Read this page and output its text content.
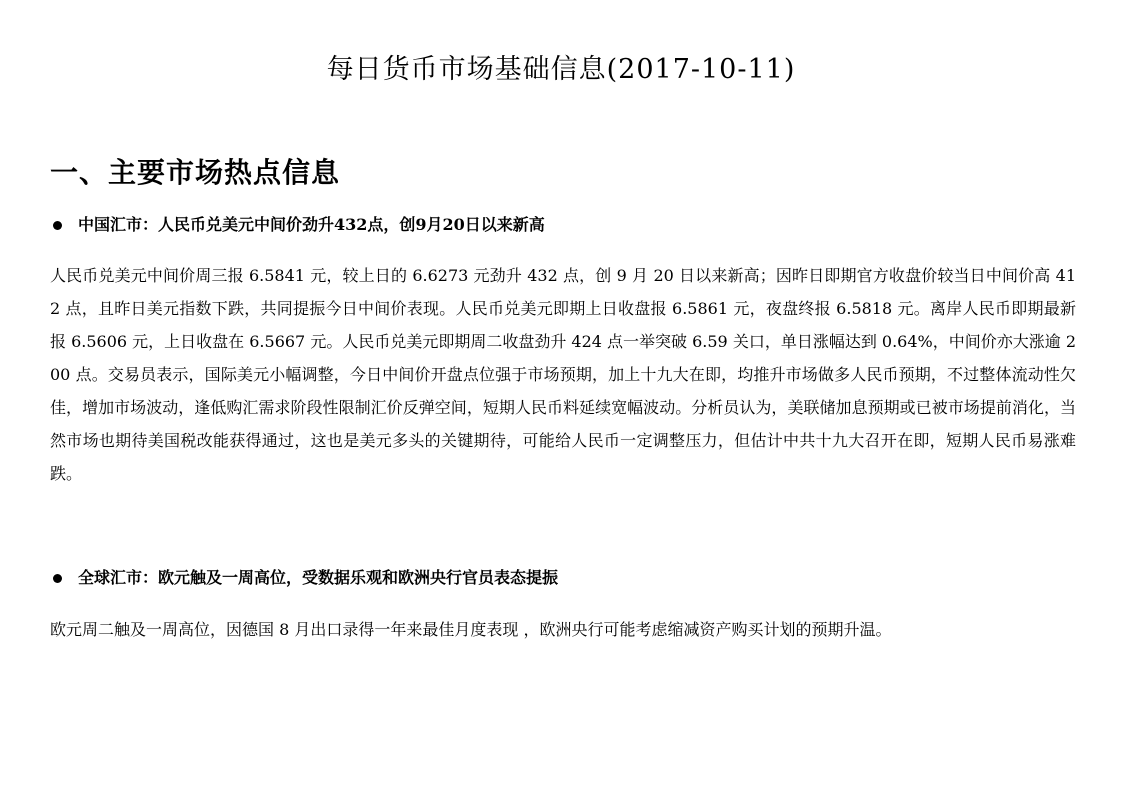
每日货币市场基础信息(2017-10-11)
一、主要市场热点信息
中国汇市：人民币兑美元中间价劲升432点，创9月20日以来新高

人民币兑美元中间价周三报 6.5841 元，较上日的 6.6273 元劲升 432 点，创 9 月 20 日以来新高；因昨日即期官方收盘价较当日中间价高 412 点，且昨日美元指数下跌，共同提振今日中间价表现。人民币兑美元即期上日收盘报 6.5861 元，夜盘终报 6.5818 元。离岸人民币即期最新报 6.5606 元，上日收盘在 6.5667 元。人民币兑美元即期周二收盘劲升 424 点一举突破 6.59 关口，单日涨幅达到 0.64%，中间价亦大涨逾 200 点。交易员表示，国际美元小幅调整，今日中间价开盘点位强于市场预期，加上十九大在即，均推升市场做多人民币预期，不过整体流动性欠佳，增加市场波动，逢低购汇需求阶段性限制汇价反弹空间，短期人民币料延续宽幅波动。分析员认为，美联储加息预期或已被市场提前消化，当然市场也期待美国税改能获得通过，这也是美元多头的关键期待，可能给人民币一定调整压力，但估计中共十九大召开在即，短期人民币易涨难跌。

全球汇市：欧元触及一周高位，受数据乐观和欧洲央行官员表态提振

欧元周二触及一周高位，因德国 8 月出口录得一年来最佳月度表现 ，欧洲央行可能考虑缩减资产购买计划的预期升温。
